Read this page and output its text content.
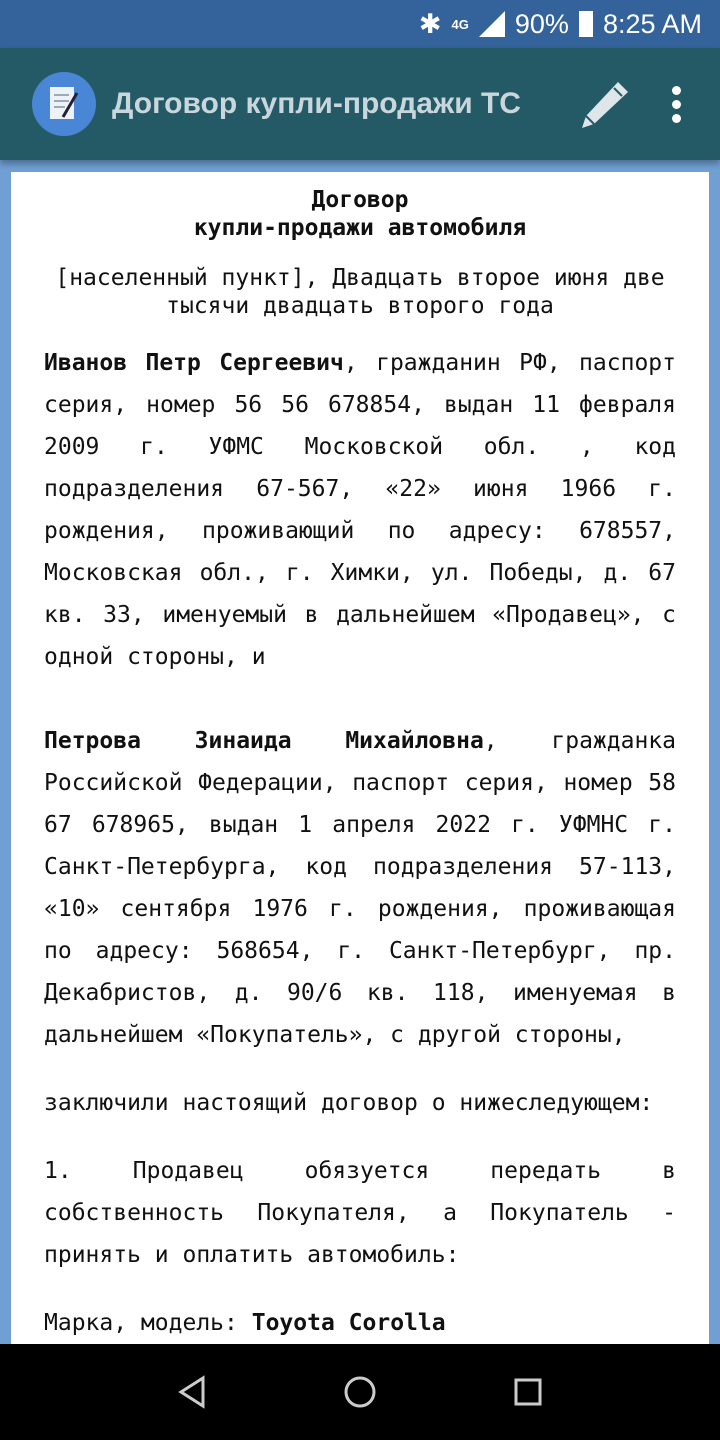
✱ 4G 90% 8:25 AM
Договор купли-продажи ТС
Договор
купли-продажи автомобиля
[населенный пункт], Двадцать второе июня две тысячи двадцать второго года

Иванов Петр Сергеевич, гражданин РФ, паспорт серия, номер 56 56 678854, выдан 11 февраля 2009 г. УФМС Московской обл. , код подразделения 67-567, «22» июня 1966 г. рождения, проживающий по адресу: 678557, Московская обл., г. Химки, ул. Победы, д. 67 кв. 33, именуемый в дальнейшем «Продавец», с одной стороны, и

Петрова Зинаида Михайловна, гражданка Российской Федерации, паспорт серия, номер 58 67 678965, выдан 1 апреля 2022 г. УФМНС г. Санкт-Петербурга, код подразделения 57-113, «10» сентября 1976 г. рождения, проживающая по адресу: 568654, г. Санкт-Петербург, пр. Декабристов, д. 90/6 кв. 118, именуемая в дальнейшем «Покупатель», с другой стороны,

заключили настоящий договор о нижеследующем:

1. Продавец обязуется передать в собственность Покупателя, а Покупатель - принять и оплатить автомобиль:

Марка, модель: Toyota Corolla
